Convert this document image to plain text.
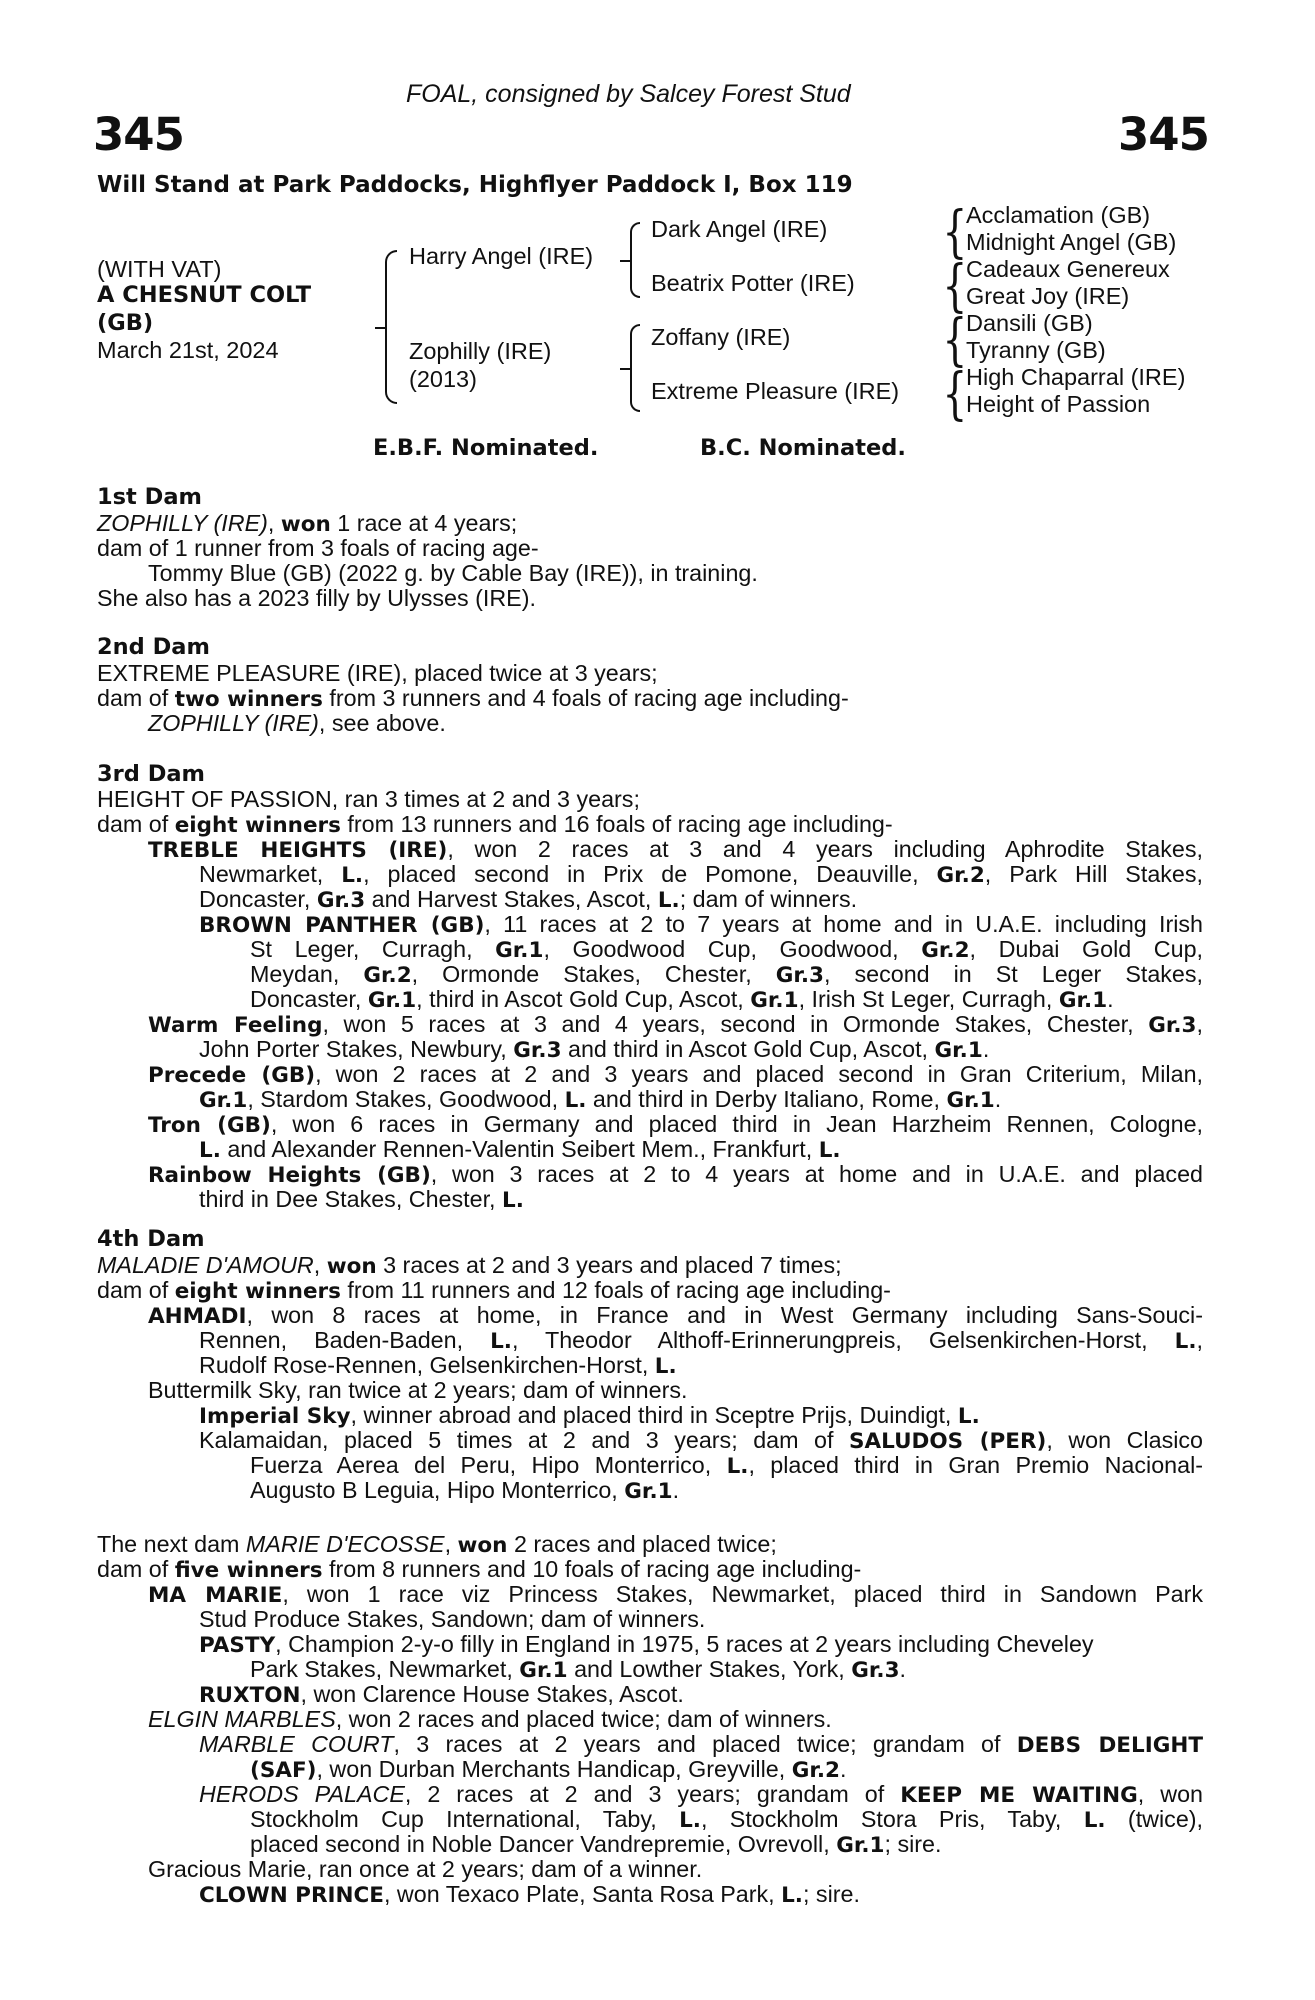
FOAL, consigned by Salcey Forest Stud
345	345
Will Stand at Park Paddocks, Highflyer Paddock I, Box 119
(WITH VAT)
A CHESNUT COLT
(GB)
March 21st, 2024
Harry Angel (IRE)
Zophilly (IRE)
(2013)
Dark Angel (IRE)
Beatrix Potter (IRE)
Zoffany (IRE)
Extreme Pleasure (IRE)
{
{
{
{
Acclamation (GB)
Midnight Angel (GB)
Cadeaux Genereux
Great Joy (IRE)
Dansili (GB)
Tyranny (GB)
High Chaparral (IRE)
Height of Passion
E.B.F. Nominated.	B.C. Nominated.
1st Dam
ZOPHILLY (IRE), won 1 race at 4 years;
dam of 1 runner from 3 foals of racing age-
Tommy Blue (GB) (2022 g. by Cable Bay (IRE)), in training.
She also has a 2023 filly by Ulysses (IRE).
2nd Dam
EXTREME PLEASURE (IRE), placed twice at 3 years;
dam of two winners from 3 runners and 4 foals of racing age including-
ZOPHILLY (IRE), see above.
3rd Dam
HEIGHT OF PASSION, ran 3 times at 2 and 3 years;
dam of eight winners from 13 runners and 16 foals of racing age including-
TREBLE HEIGHTS (IRE), won 2 races at 3 and 4 years including Aphrodite Stakes,
Newmarket, L., placed second in Prix de Pomone, Deauville, Gr.2, Park Hill Stakes,
Doncaster, Gr.3 and Harvest Stakes, Ascot, L.; dam of winners.
BROWN PANTHER (GB), 11 races at 2 to 7 years at home and in U.A.E. including Irish
St Leger, Curragh, Gr.1, Goodwood Cup, Goodwood, Gr.2, Dubai Gold Cup,
Meydan, Gr.2, Ormonde Stakes, Chester, Gr.3, second in St Leger Stakes,
Doncaster, Gr.1, third in Ascot Gold Cup, Ascot, Gr.1, Irish St Leger, Curragh, Gr.1.
Warm Feeling, won 5 races at 3 and 4 years, second in Ormonde Stakes, Chester, Gr.3,
John Porter Stakes, Newbury, Gr.3 and third in Ascot Gold Cup, Ascot, Gr.1.
Precede (GB), won 2 races at 2 and 3 years and placed second in Gran Criterium, Milan,
Gr.1, Stardom Stakes, Goodwood, L. and third in Derby Italiano, Rome, Gr.1.
Tron (GB), won 6 races in Germany and placed third in Jean Harzheim Rennen, Cologne,
L. and Alexander Rennen-Valentin Seibert Mem., Frankfurt, L.
Rainbow Heights (GB), won 3 races at 2 to 4 years at home and in U.A.E. and placed
third in Dee Stakes, Chester, L.
4th Dam
MALADIE D'AMOUR, won 3 races at 2 and 3 years and placed 7 times;
dam of eight winners from 11 runners and 12 foals of racing age including-
AHMADI, won 8 races at home, in France and in West Germany including Sans-Souci-
Rennen, Baden-Baden, L., Theodor Althoff-Erinnerungpreis, Gelsenkirchen-Horst, L.,
Rudolf Rose-Rennen, Gelsenkirchen-Horst, L.
Buttermilk Sky, ran twice at 2 years; dam of winners.
Imperial Sky, winner abroad and placed third in Sceptre Prijs, Duindigt, L.
Kalamaidan, placed 5 times at 2 and 3 years; dam of SALUDOS (PER), won Clasico
Fuerza Aerea del Peru, Hipo Monterrico, L., placed third in Gran Premio Nacional-
Augusto B Leguia, Hipo Monterrico, Gr.1.
The next dam MARIE D'ECOSSE, won 2 races and placed twice;
dam of five winners from 8 runners and 10 foals of racing age including-
MA MARIE, won 1 race viz Princess Stakes, Newmarket, placed third in Sandown Park
Stud Produce Stakes, Sandown; dam of winners.
PASTY, Champion 2-y-o filly in England in 1975, 5 races at 2 years including Cheveley
Park Stakes, Newmarket, Gr.1 and Lowther Stakes, York, Gr.3.
RUXTON, won Clarence House Stakes, Ascot.
ELGIN MARBLES, won 2 races and placed twice; dam of winners.
MARBLE COURT, 3 races at 2 years and placed twice; grandam of DEBS DELIGHT
(SAF), won Durban Merchants Handicap, Greyville, Gr.2.
HERODS PALACE, 2 races at 2 and 3 years; grandam of KEEP ME WAITING, won
Stockholm Cup International, Taby, L., Stockholm Stora Pris, Taby, L. (twice),
placed second in Noble Dancer Vandrepremie, Ovrevoll, Gr.1; sire.
Gracious Marie, ran once at 2 years; dam of a winner.
CLOWN PRINCE, won Texaco Plate, Santa Rosa Park, L.; sire.
